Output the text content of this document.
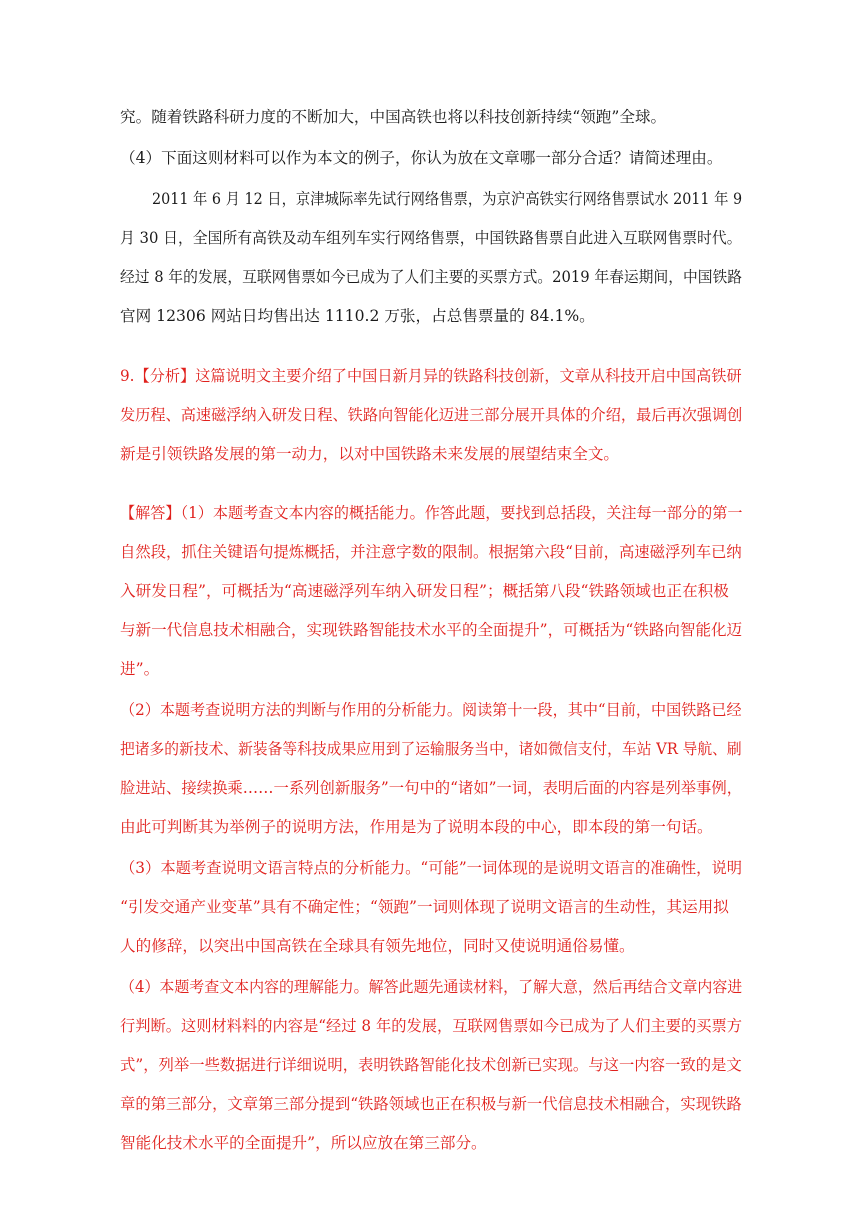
究。随着铁路科研力度的不断加大，中国高铁也将以科技创新持续“领跑”全球。
（4）下面这则材料可以作为本文的例子，你认为放在文章哪一部分合适？请简述理由。
2011 年 6 月 12 日，京津城际率先试行网络售票，为京沪高铁实行网络售票试水 2011 年 9
月 30 日，全国所有高铁及动车组列车实行网络售票，中国铁路售票自此进入互联网售票时代。
经过 8 年的发展，互联网售票如今已成为了人们主要的买票方式。2019 年春运期间，中国铁路
官网 12306 网站日均售出达 1110.2 万张，占总售票量的 84.1%。
9.【分析】这篇说明文主要介绍了中国日新月异的铁路科技创新，文章从科技开启中国高铁研
发历程、高速磁浮纳入研发日程、铁路向智能化迈进三部分展开具体的介绍，最后再次强调创
新是引领铁路发展的第一动力，以对中国铁路未来发展的展望结束全文。
【解答】（1）本题考查文本内容的概括能力。作答此题，要找到总括段，关注每一部分的第一
自然段，抓住关键语句提炼概括，并注意字数的限制。根据第六段“目前，高速磁浮列车已纳
入研发日程”，可概括为“高速磁浮列车纳入研发日程”；概括第八段“铁路领域也正在积极
与新一代信息技术相融合，实现铁路智能技术水平的全面提升”，可概括为“铁路向智能化迈
进”。
（2）本题考查说明方法的判断与作用的分析能力。阅读第十一段，其中“目前，中国铁路已经
把诸多的新技术、新装备等科技成果应用到了运输服务当中，诸如微信支付，车站 VR 导航、刷
脸进站、接续换乘……一系列创新服务”一句中的“诸如”一词，表明后面的内容是列举事例，
由此可判断其为举例子的说明方法，作用是为了说明本段的中心，即本段的第一句话。
（3）本题考查说明文语言特点的分析能力。“可能”一词体现的是说明文语言的准确性，说明
“引发交通产业变革”具有不确定性；“领跑”一词则体现了说明文语言的生动性，其运用拟
人的修辞，以突出中国高铁在全球具有领先地位，同时又使说明通俗易懂。
（4）本题考查文本内容的理解能力。解答此题先通读材料，了解大意，然后再结合文章内容进
行判断。这则材料料的内容是“经过 8 年的发展，互联网售票如今已成为了人们主要的买票方
式”，列举一些数据进行详细说明，表明铁路智能化技术创新已实现。与这一内容一致的是文
章的第三部分，文章第三部分提到“铁路领域也正在积极与新一代信息技术相融合，实现铁路
智能化技术水平的全面提升”，所以应放在第三部分。
